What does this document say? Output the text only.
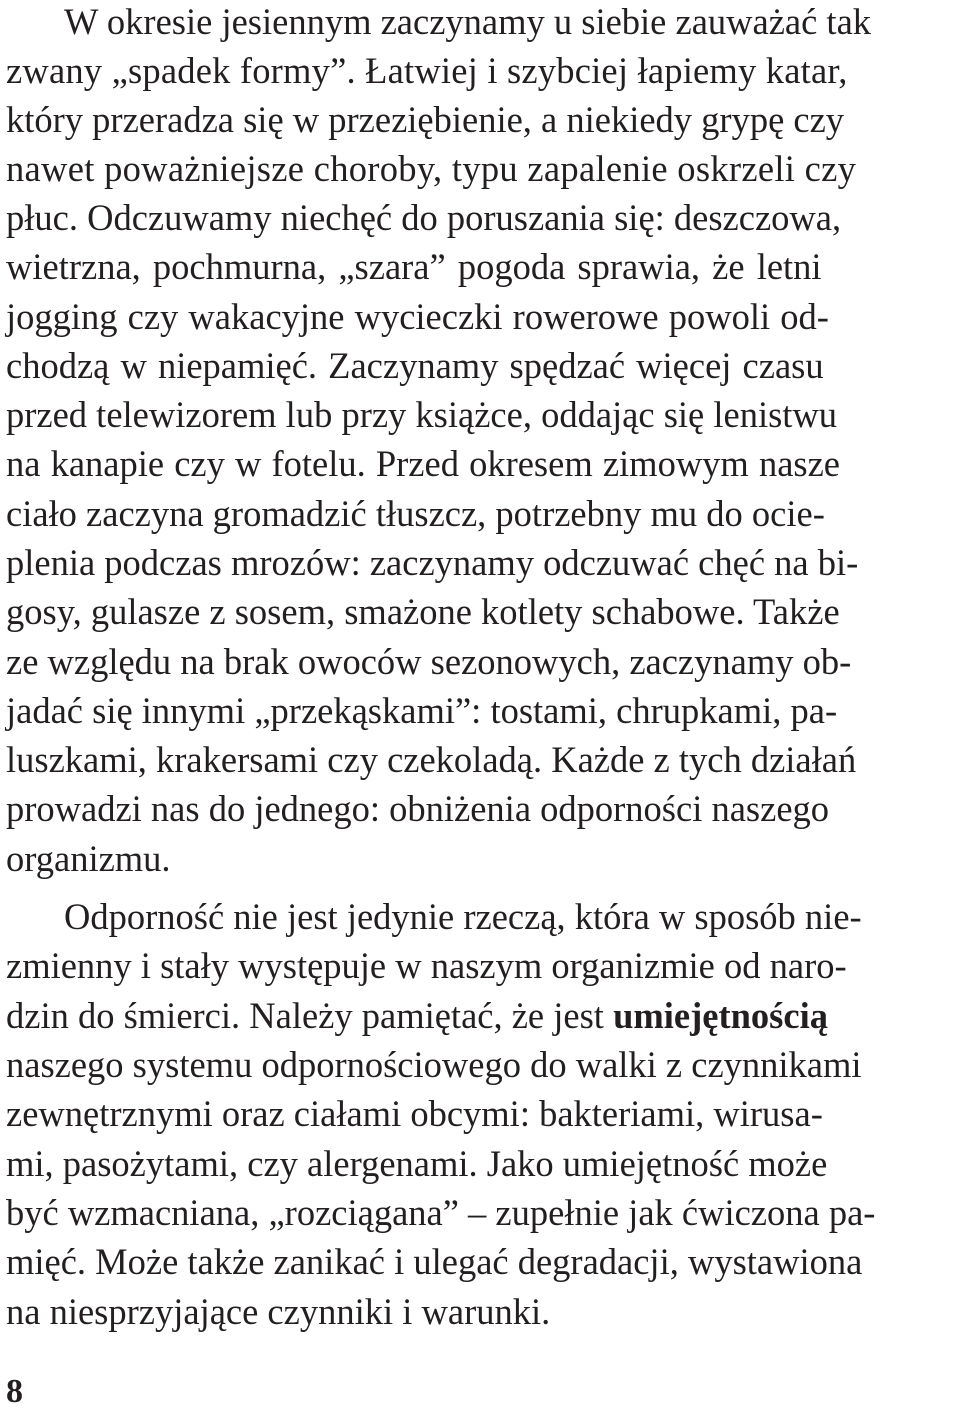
W okresie jesiennym zaczynamy u siebie zauważać tak
zwany „spadek formy”. Łatwiej i szybciej łapiemy katar,
który przeradza się w przeziębienie, a niekiedy grypę czy
nawet poważniejsze choroby, typu zapalenie oskrzeli czy
płuc. Odczuwamy niechęć do poruszania się: deszczowa,
wietrzna, pochmurna, „szara” pogoda sprawia, że letni
jogging czy wakacyjne wycieczki rowerowe powoli od-
chodzą w niepamięć. Zaczynamy spędzać więcej czasu
przed telewizorem lub przy książce, oddając się lenistwu
na kanapie czy w fotelu. Przed okresem zimowym nasze
ciało zaczyna gromadzić tłuszcz, potrzebny mu do ocie-
plenia podczas mrozów: zaczynamy odczuwać chęć na bi-
gosy, gulasze z sosem, smażone kotlety schabowe. Także
ze względu na brak owoców sezonowych, zaczynamy ob-
jadać się innymi „przekąskami”: tostami, chrupkami, pa-
luszkami, krakersami czy czekoladą. Każde z tych działań
prowadzi nas do jednego: obniżenia odporności naszego
organizmu.
Odporność nie jest jedynie rzeczą, która w sposób nie-
zmienny i stały występuje w naszym organizmie od naro-
dzin do śmierci. Należy pamiętać, że jest umiejętnością
naszego systemu odpornościowego do walki z czynnikami
zewnętrznymi oraz ciałami obcymi: bakteriami, wirusa-
mi, pasożytami, czy alergenami. Jako umiejętność może
być wzmacniana, „rozciągana” – zupełnie jak ćwiczona pa-
mięć. Może także zanikać i ulegać degradacji, wystawiona
na niesprzyjające czynniki i warunki.
8
